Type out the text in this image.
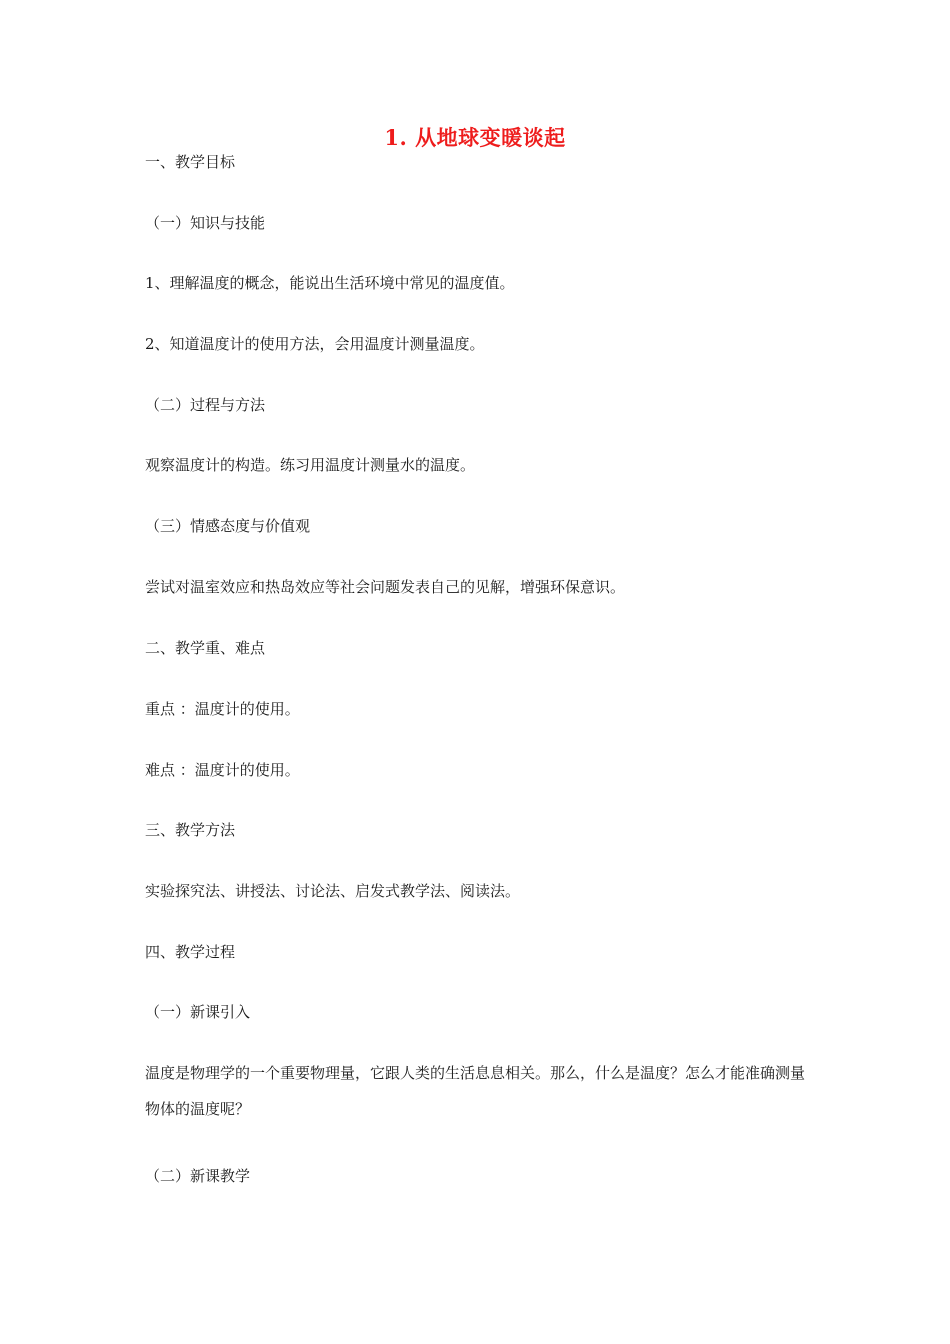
1. 从地球变暖谈起

一、教学目标

（一）知识与技能

1、理解温度的概念，能说出生活环境中常见的温度值。

2、知道温度计的使用方法，会用温度计测量温度。

（二）过程与方法

观察温度计的构造。练习用温度计测量水的温度。

（三）情感态度与价值观

尝试对温室效应和热岛效应等社会问题发表自己的见解，增强环保意识。

二、教学重、难点

重点 ：温度计的使用。

难点 ：温度计的使用。

三、教学方法

实验探究法、讲授法、讨论法、启发式教学法、阅读法。

四、教学过程

（一）新课引入

温度是物理学的一个重要物理量，它跟人类的生活息息相关。那么，什么是温度？怎么才能准确测量物体的温度呢？

（二）新课教学
